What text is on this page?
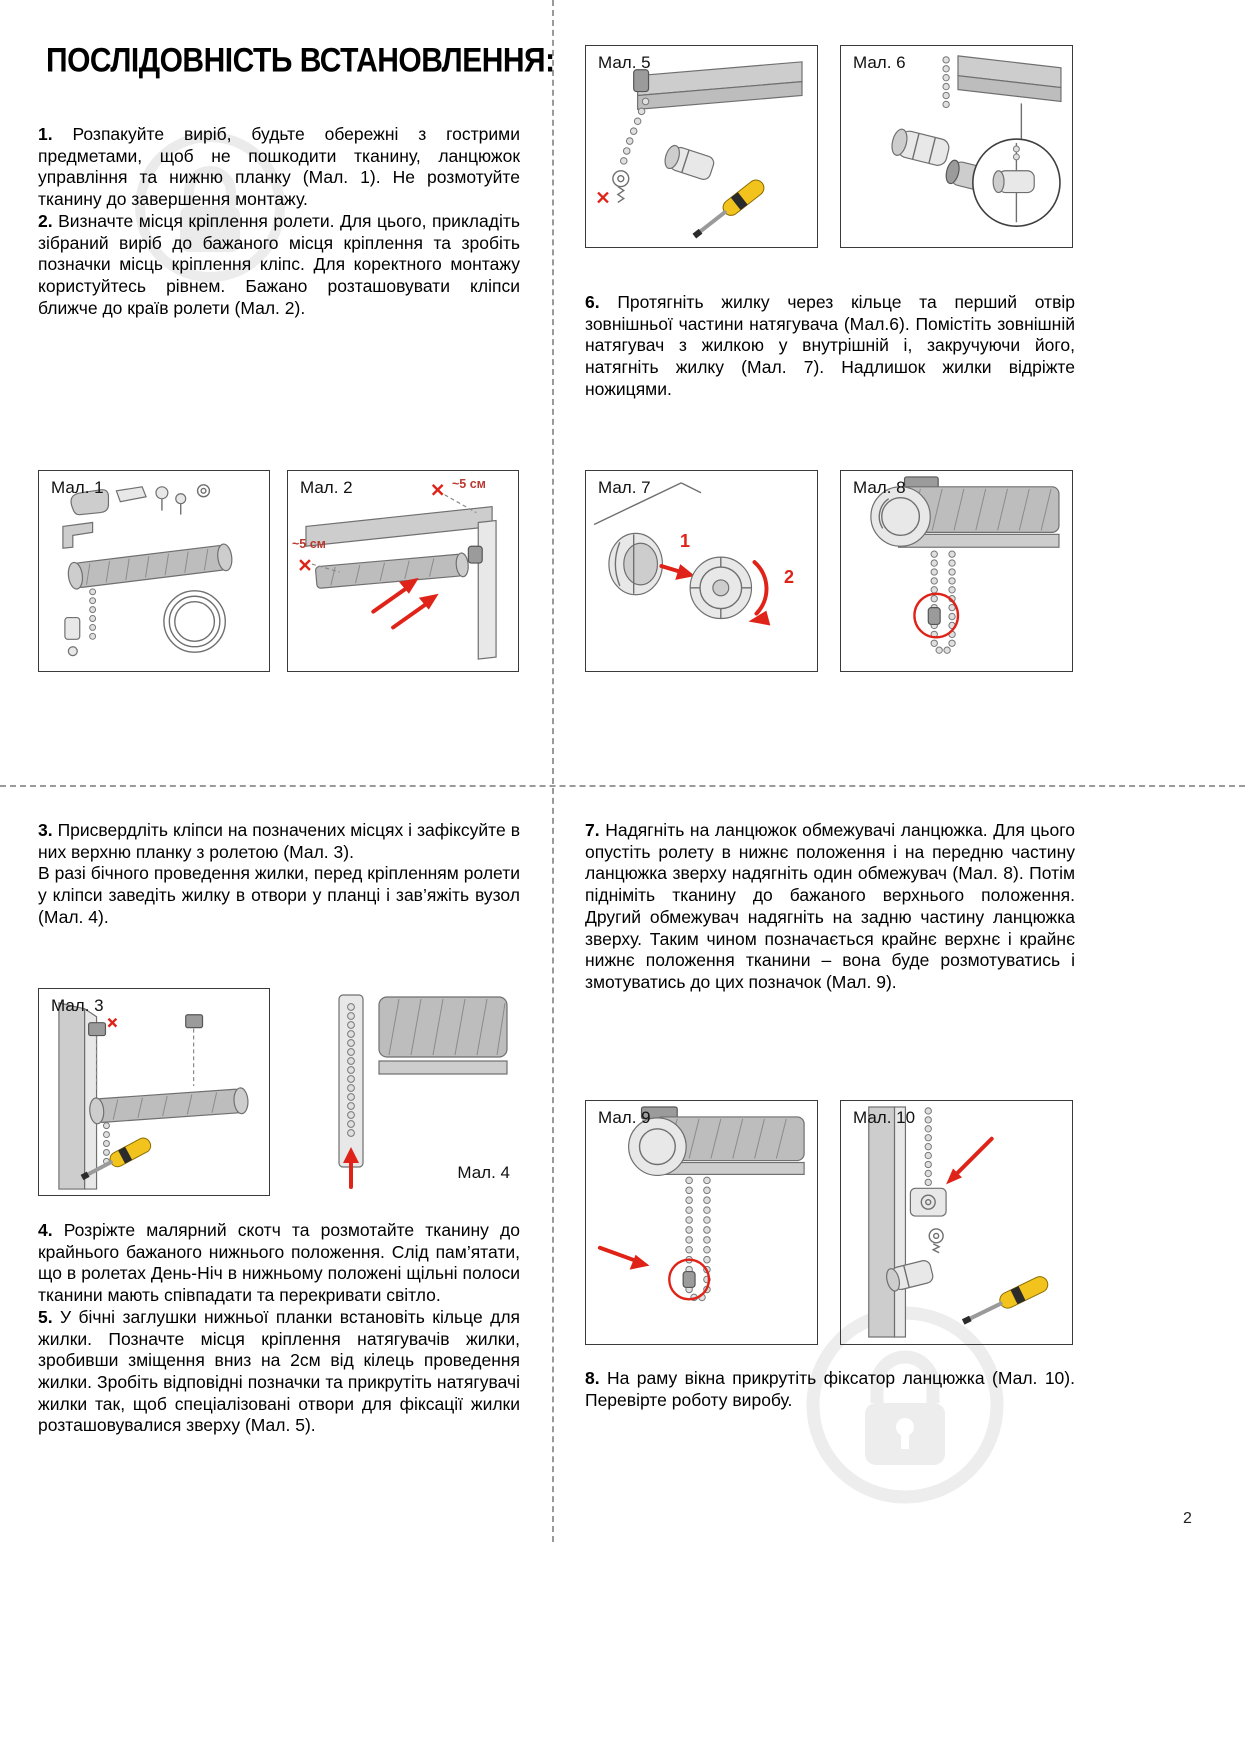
ПОСЛІДОВНІСТЬ ВСТАНОВЛЕННЯ:

1. Розпакуйте виріб, будьте обережні з гострими предметами, щоб не пошкодити тканину, ланцюжок управління та нижню планку (Мал. 1). Не розмотуйте тканину до завершення монтажу.

2. Визначте місця кріплення ролети. Для цього, прикладіть зібраний виріб до бажаного місця кріплення та зробіть позначки місць кріплення кліпс. Для коректного монтажу користуйтесь рівнем. Бажано розташовувати кліпси ближче до країв ролети (Мал. 2).

Мал. 1	Мал. 2	~5 см
~5 см
Мал. 5	Мал. 6

6. Протягніть жилку через кільце та перший отвір зовнішньої частини натягувача (Мал.6). Помістіть зовнішній натягувач з жилкою у внутрішній і, закручуючи його, натягніть жилку (Мал. 7). Надлишок жилки відріжте ножицями.

Мал. 7
1
2
Мал. 8

3. Присвердліть кліпси на позначених місцях і зафіксуйте в них верхню планку з ролетою (Мал. 3).

В разі бічного проведення жилки, перед кріпленням ролети у кліпси заведіть жилку в отвори у планці і зав’яжіть вузол (Мал. 4).

Мал. 3
Мал. 4

4. Розріжте малярний скотч та розмотайте тканину до крайнього бажаного нижнього положення. Слід пам’ятати, що в ролетах День-Ніч в нижньому положені щільні полоси тканини мають співпадати та перекривати світло.

5. У бічні заглушки нижньої планки встановіть кільце для жилки. Позначте місця кріплення натягувачів жилки, зробивши зміщення вниз на 2см від кілець проведення жилки. Зробіть відповідні позначки та прикрутіть натягувачі жилки так, щоб спеціалізовані отвори для фіксації жилки розташовувалися зверху (Мал. 5).

7. Надягніть на ланцюжок обмежувачі ланцюжка. Для цього опустіть ролету в нижнє положення і на передню частину ланцюжка зверху надягніть один обмежувач (Мал. 8). Потім підніміть тканину до бажаного верхнього положення. Другий обмежувач надягніть на задню частину ланцюжка зверху. Таким чином позначається крайнє верхнє і крайнє нижнє положення тканини – вона буде розмотуватись і змотуватись до цих позначок (Мал. 9).

Мал. 9	Мал. 10

8. На раму вікна прикрутіть фіксатор ланцюжка (Мал. 10). Перевірте роботу виробу.

2
